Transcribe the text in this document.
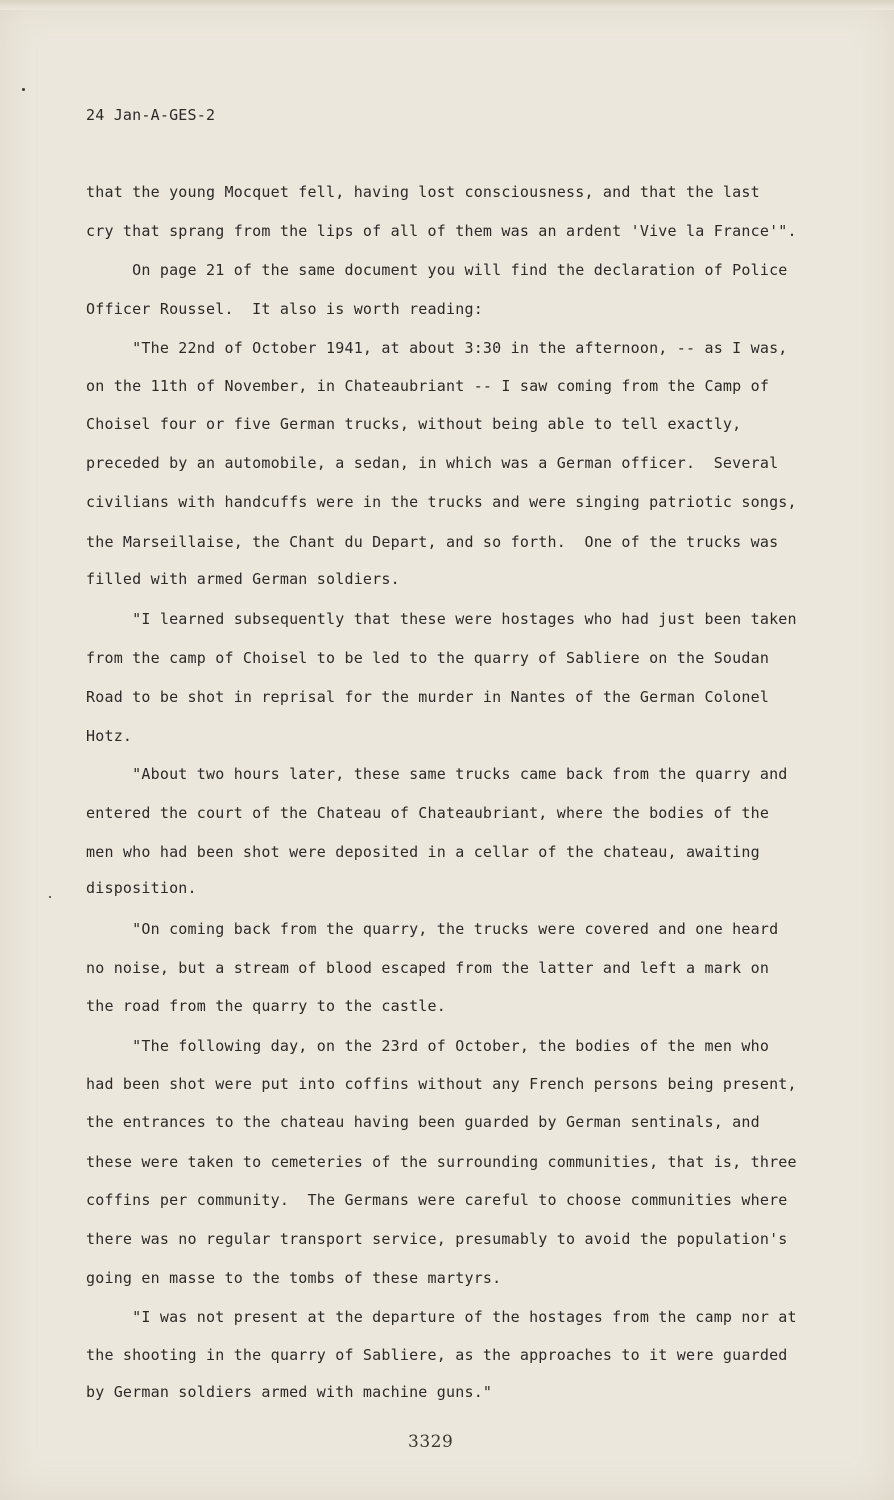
24 Jan-A-GES-2
that the young Mocquet fell, having lost consciousness, and that the last
cry that sprang from the lips of all of them was an ardent 'Vive la France'".
On page 21 of the same document you will find the declaration of Police
Officer Roussel.  It also is worth reading:
"The 22nd of October 1941, at about 3:30 in the afternoon, -- as I was,
on the 11th of November, in Chateaubriant -- I saw coming from the Camp of
Choisel four or five German trucks, without being able to tell exactly,
preceded by an automobile, a sedan, in which was a German officer.  Several
civilians with handcuffs were in the trucks and were singing patriotic songs,
the Marseillaise, the Chant du Depart, and so forth.  One of the trucks was
filled with armed German soldiers.
"I learned subsequently that these were hostages who had just been taken
from the camp of Choisel to be led to the quarry of Sabliere on the Soudan
Road to be shot in reprisal for the murder in Nantes of the German Colonel
Hotz.
"About two hours later, these same trucks came back from the quarry and
entered the court of the Chateau of Chateaubriant, where the bodies of the
men who had been shot were deposited in a cellar of the chateau, awaiting
disposition.
"On coming back from the quarry, the trucks were covered and one heard
no noise, but a stream of blood escaped from the latter and left a mark on
the road from the quarry to the castle.
"The following day, on the 23rd of October, the bodies of the men who
had been shot were put into coffins without any French persons being present,
the entrances to the chateau having been guarded by German sentinals, and
these were taken to cemeteries of the surrounding communities, that is, three
coffins per community.  The Germans were careful to choose communities where
there was no regular transport service, presumably to avoid the population's
going en masse to the tombs of these martyrs.
"I was not present at the departure of the hostages from the camp nor at
the shooting in the quarry of Sabliere, as the approaches to it were guarded
by German soldiers armed with machine guns."
3329
